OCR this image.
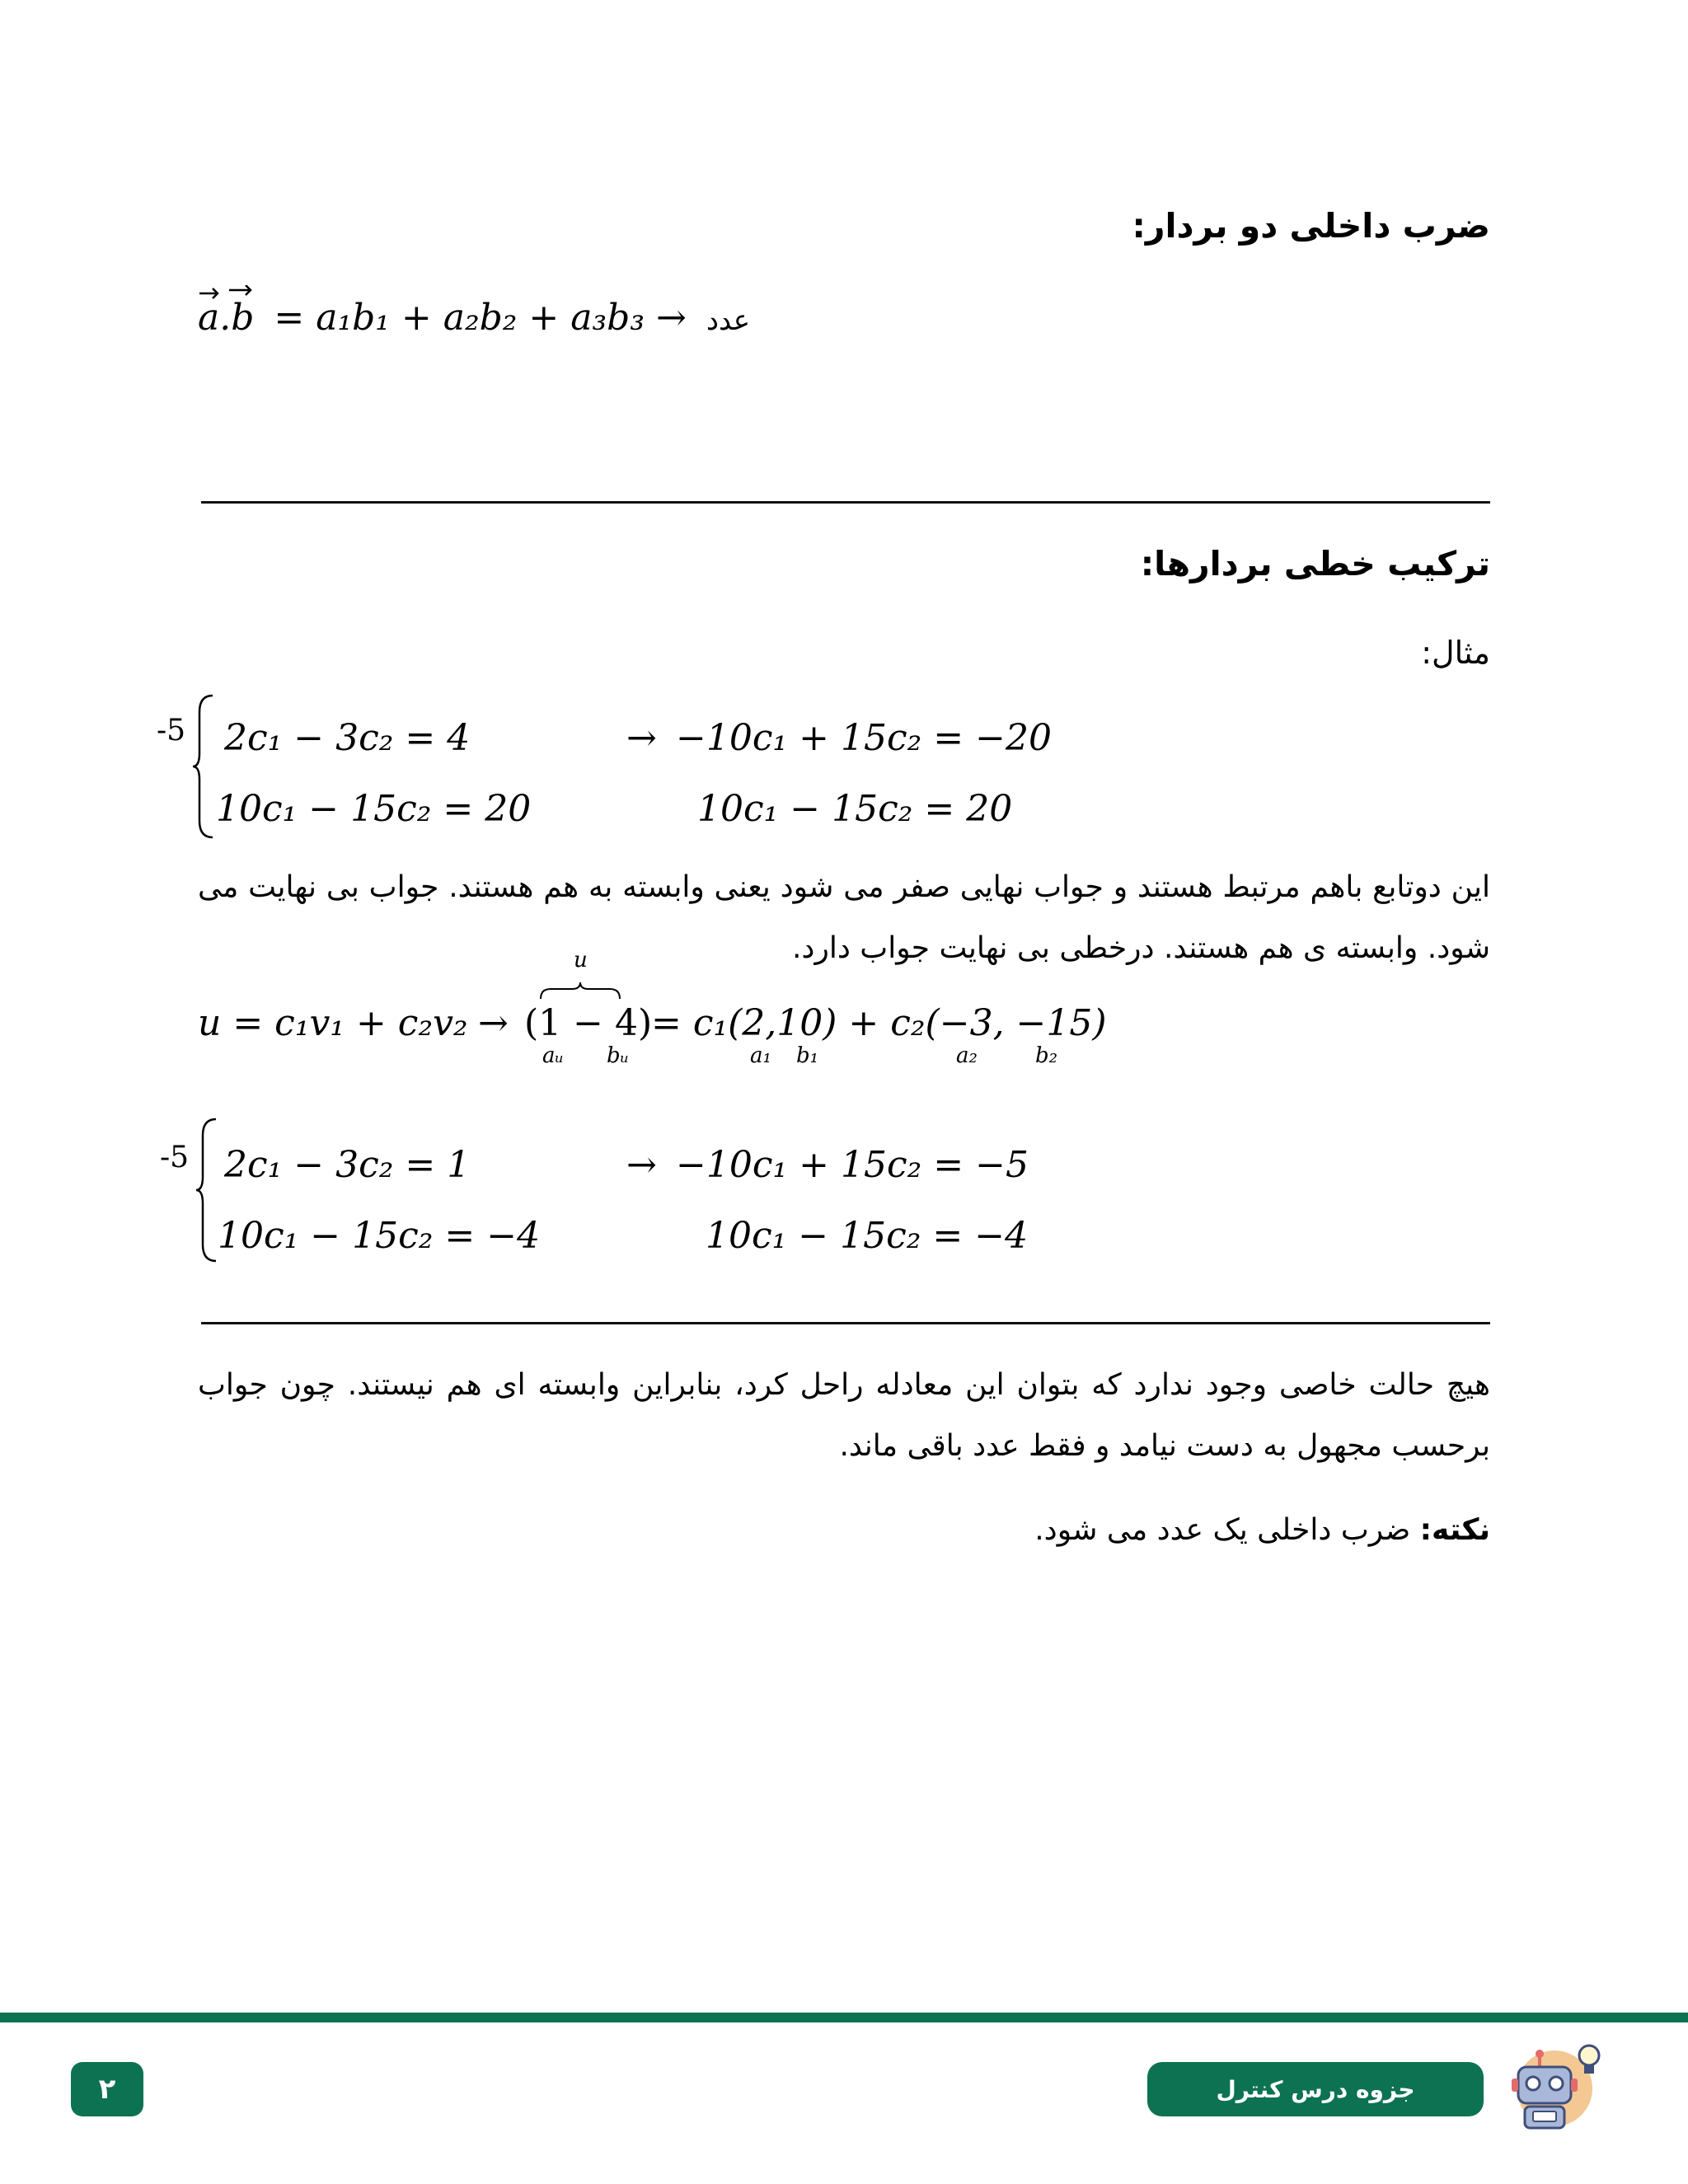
ضرب داخلی دو بردار:
a.b = a₁b₁ + a₂b₂ + a₃b₃ → عدد
ترکیب خطی بردارها:
مثال:
-5 2c₁ − 3c₂ = 4
10c₁ − 15c₂ = 20
→ −10c₁ + 15c₂ = −20
10c₁ − 15c₂ = 20
این دوتابع باهم مرتبط هستند و جواب نهایی صفر می شود یعنی وابسته به هم هستند. جواب بی نهایت می شود. وابسته ی هم هستند. درخطی بی نهایت جواب دارد.
u
u = c₁v₁ + c₂v₂ → (1 − 4)
= c₁(2,10) + c₂(−3, −15)
aᵤ bᵤ	a₁ b₁	a₂	b₂
-5 2c₁ − 3c₂ = 1
10c₁ − 15c₂ = −4
→ −10c₁ + 15c₂ = −5
10c₁ − 15c₂ = −4
هیچ حالت خاصی وجود ندارد که بتوان این معادله راحل کرد، بنابراین وابسته ای هم نیستند. چون جواب برحسب مجهول به دست نیامد و فقط عدد باقی ماند.
نکته: ضرب داخلی یک عدد می شود.
۲	جزوه درس کنترل
